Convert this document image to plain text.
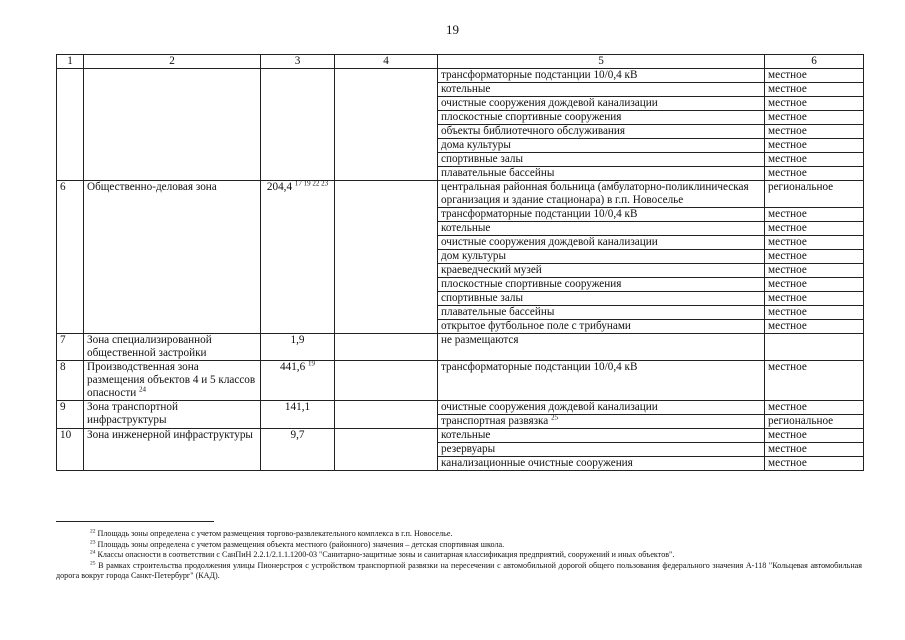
19
1	2	3	4	5	6
				трансформаторные подстанции 10/0,4 кВ	местное
				котельные	местное
				очистные сооружения дождевой канализации	местное
				плоскостные спортивные сооружения	местное
				объекты библиотечного обслуживания	местное
				дома культуры	местное
				спортивные залы	местное
				плавательные бассейны	местное
6	Общественно-деловая зона	204,4 $^{17 19 22 23}$		центральная районная больница (амбулаторно-поликлиническая организация и здание стационара) в г.п. Новоселье	региональное
				трансформаторные подстанции 10/0,4 кВ	местное
				котельные	местное
				очистные сооружения дождевой канализации	местное
				дом культуры	местное
				краеведческий музей	местное
				плоскостные спортивные сооружения	местное
				спортивные залы	местное
				плавательные бассейны	местное
				открытое футбольное поле с трибунами	местное
7	Зона специализированной общественной застройки	1,9		не размещаются	
8	Производственная зона размещения объектов 4 и 5 классов опасности $^{24}$	441,6 $^{19}$		трансформаторные подстанции 10/0,4 кВ	местное
9	Зона транспортной инфраструктуры	141,1		очистные сооружения дождевой канализации	местное
				транспортная развязка $^{25}$	региональное
10	Зона инженерной инфраструктуры	9,7		котельные	местное
				резервуары	местное
				канализационные очистные сооружения	местное

$^{22}$ Площадь зоны определена с учетом размещения торгово-развлекательного комплекса в г.п. Новоселье.

$^{23}$ Площадь зоны определена с учетом размещения объекта местного (районного) значения – детская спортивная школа.

$^{24}$ Классы опасности в соответствии с СанПиН 2.2.1/2.1.1.1200-03 "Санитарно-защитные зоны и санитарная классификация предприятий, сооружений и иных объектов".

$^{25}$ В рамках строительства продолжения улицы Пионерстроя с устройством транспортной развязки на пересечении с автомобильной дорогой общего пользования федерального значения А-118 "Кольцевая автомобильная дорога вокруг города Санкт-Петербург" (КАД).
